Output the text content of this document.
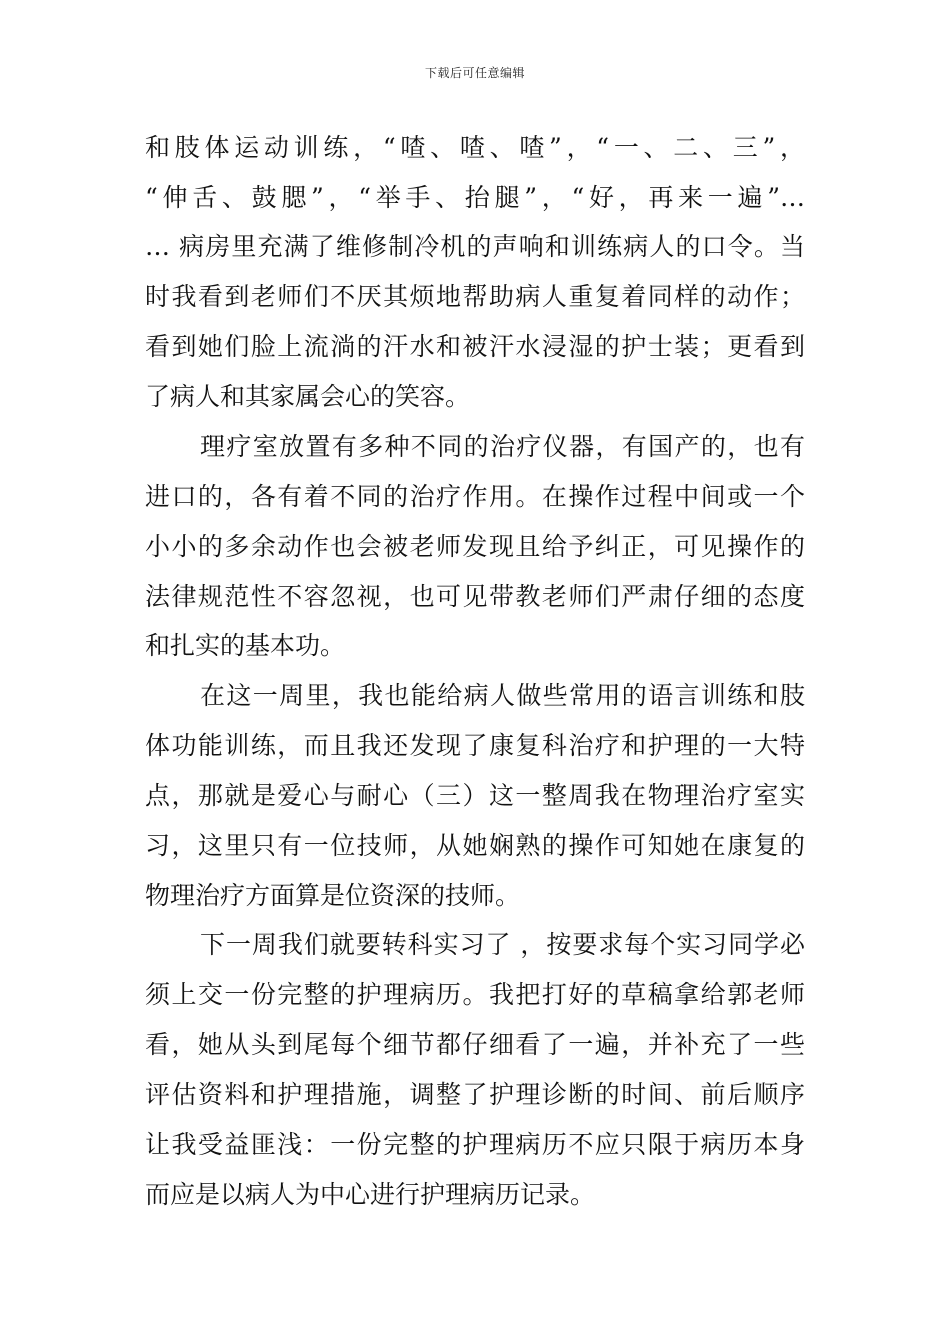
下载后可任意编辑
和肢体运动训练，“喳、喳、喳”，“一、二、三”，
“伸舌、鼓腮”，“举手、抬腿”，“好，再来一遍”…
… 病房里充满了维修制冷机的声响和训练病人的口令。当
时我看到老师们不厌其烦地帮助病人重复着同样的动作；
看到她们脸上流淌的汗水和被汗水浸湿的护士装；更看到
了病人和其家属会心的笑容。
理疗室放置有多种不同的治疗仪器，有国产的，也有
进口的，各有着不同的治疗作用。在操作过程中间或一个
小小的多余动作也会被老师发现且给予纠正，可见操作的
法律规范性不容忽视，也可见带教老师们严肃仔细的态度
和扎实的基本功。
在这一周里，我也能给病人做些常用的语言训练和肢
体功能训练，而且我还发现了康复科治疗和护理的一大特
点，那就是爱心与耐心（三）这一整周我在物理治疗室实
习，这里只有一位技师，从她娴熟的操作可知她在康复的
物理治疗方面算是位资深的技师。
下一周我们就要转科实习了 ，按要求每个实习同学必
须上交一份完整的护理病历。我把打好的草稿拿给郭老师
看，她从头到尾每个细节都仔细看了一遍，并补充了一些
评估资料和护理措施，调整了护理诊断的时间、前后顺序
让我受益匪浅：一份完整的护理病历不应只限于病历本身
而应是以病人为中心进行护理病历记录。
